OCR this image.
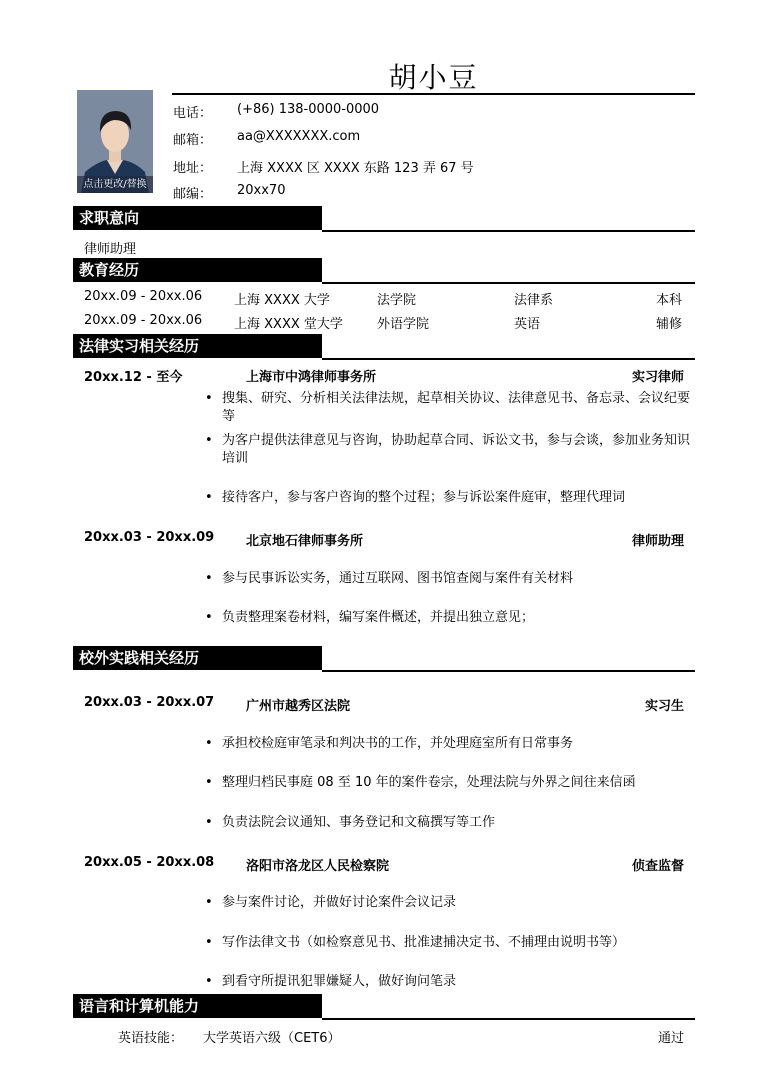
胡小豆
点击更改/替换
电话： (+86) 138-0000-0000
邮箱： aa@XXXXXXX.com
地址： 上海 XXXX 区 XXXX 东路 123 弄 67 号
邮编： 20xx70
求职意向
律师助理
教育经历
20xx.09 - 20xx.06 上海 XXXX 大学	法学院	法律系	本科
20xx.09 - 20xx.06 上海 XXXX 堂大学	外语学院	英语	辅修
法律实习相关经历
20xx.12 - 至今	上海市中鸿律师事务所	实习律师
• 搜集、研究、分析相关法律法规，起草相关协议、法律意见书、备忘录、会议纪要等
• 为客户提供法律意见与咨询，协助起草合同、诉讼文书，参与会谈，参加业务知识培训
• 接待客户，参与客户咨询的整个过程；参与诉讼案件庭审，整理代理词
20xx.03 - 20xx.09 北京地石律师事务所	律师助理
• 参与民事诉讼实务，通过互联网、图书馆查阅与案件有关材料
• 负责整理案卷材料，编写案件概述，并提出独立意见；
校外实践相关经历
20xx.03 - 20xx.07 广州市越秀区法院	实习生
• 承担校检庭审笔录和判决书的工作，并处理庭室所有日常事务
• 整理归档民事庭 08 至 10 年的案件卷宗，处理法院与外界之间往来信函
• 负责法院会议通知、事务登记和文稿撰写等工作
20xx.05 - 20xx.08 洛阳市洛龙区人民检察院	侦查监督
• 参与案件讨论，并做好讨论案件会议记录
• 写作法律文书（如检察意见书、批准逮捕决定书、不捕理由说明书等）
• 到看守所提讯犯罪嫌疑人，做好询问笔录
语言和计算机能力
英语技能： 大学英语六级（CET6）	通过
